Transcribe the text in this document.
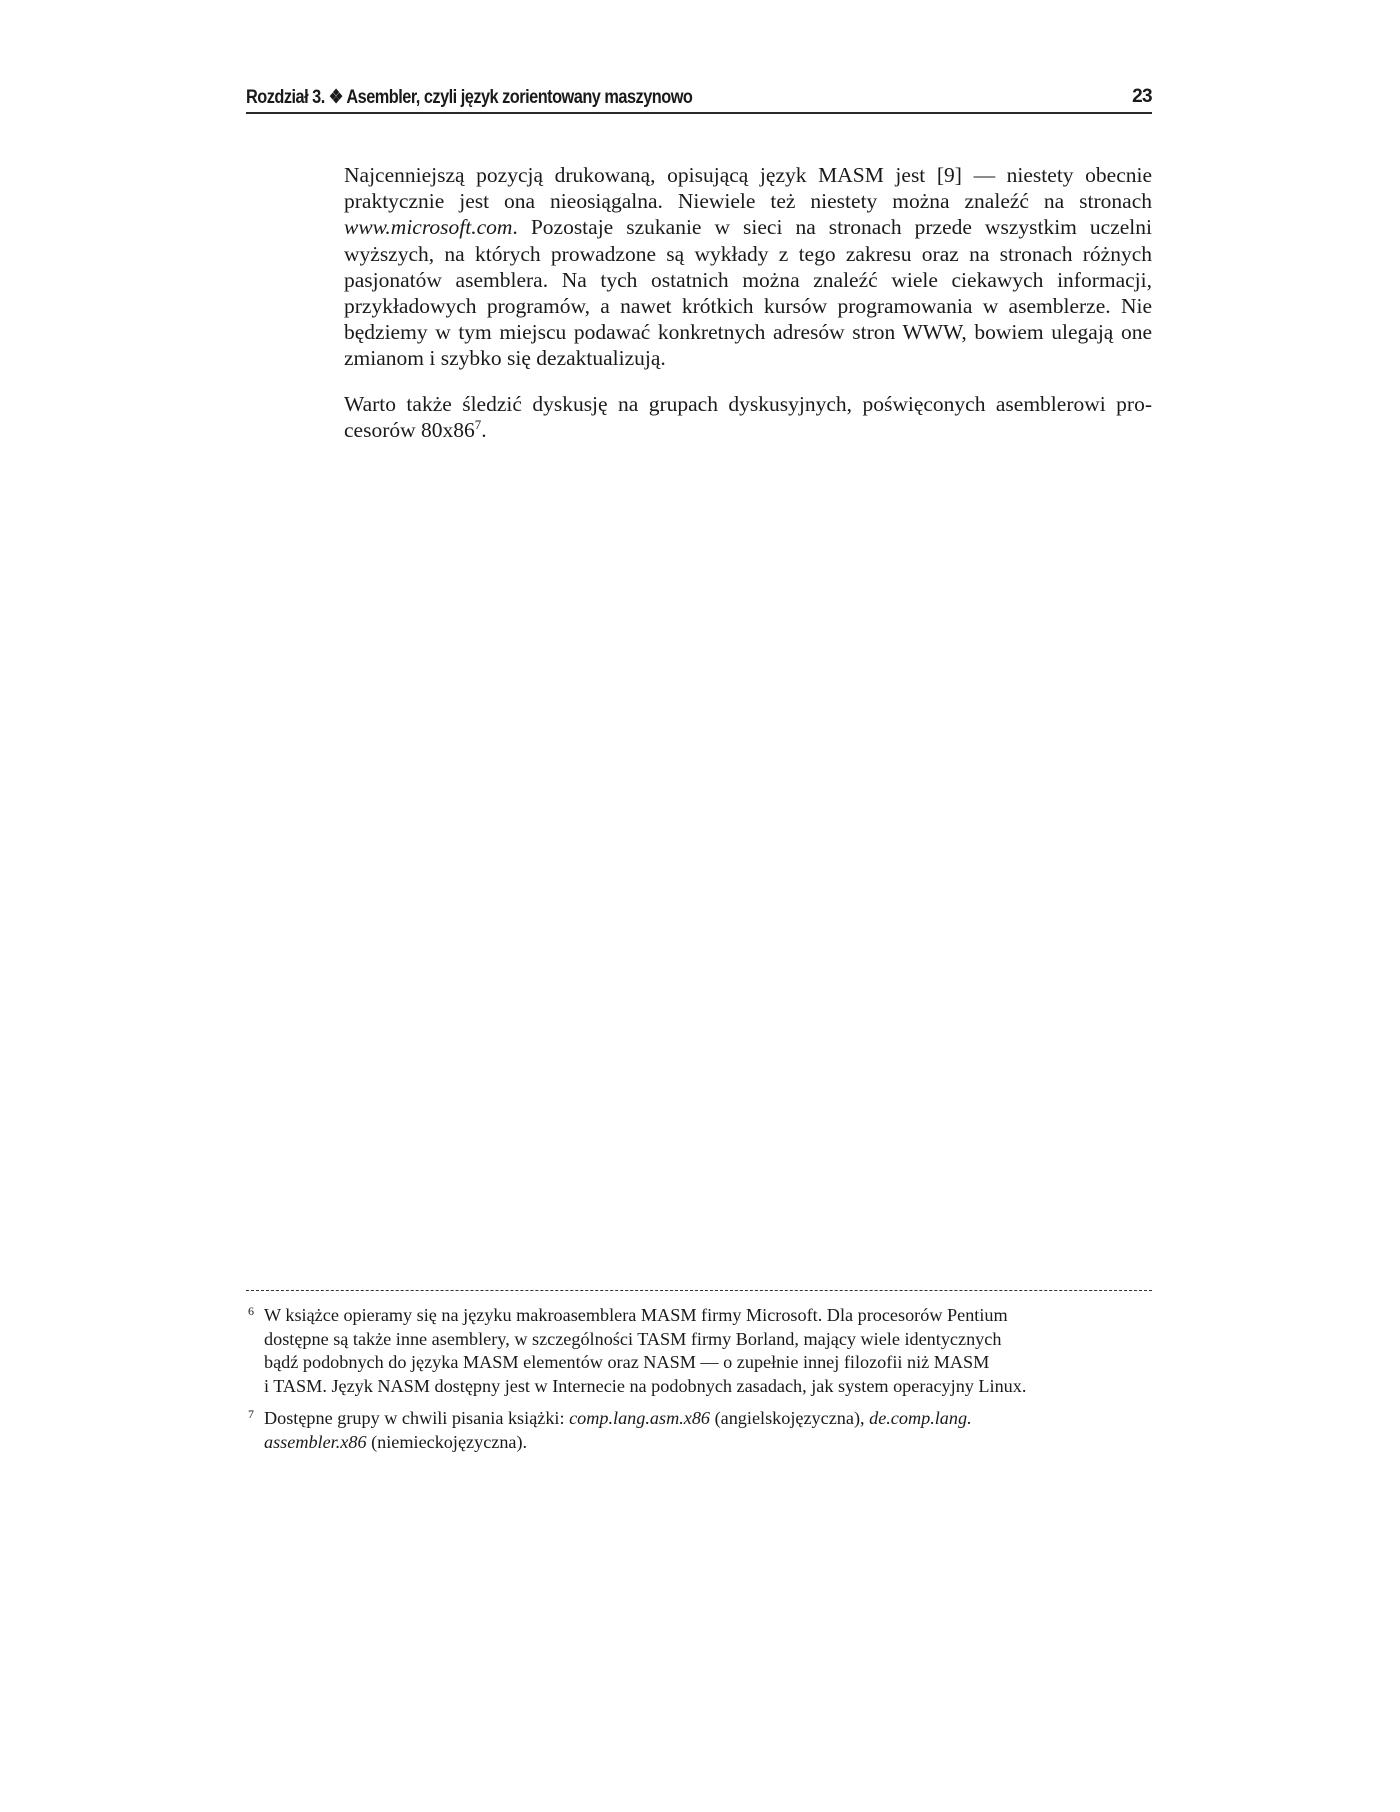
Rozdział 3. ❖ Asembler, czyli język zorientowany maszynowo	23

Najcenniejszą pozycją drukowaną, opisującą język MASM jest [9] — niestety obecnie praktycznie jest ona nieosiągalna. Niewiele też niestety można znaleźć na stronach www.microsoft.com. Pozostaje szukanie w sieci na stronach przede wszystkim uczelni wyższych, na których prowadzone są wykłady z tego zakresu oraz na stronach różnych pasjonatów asemblera. Na tych ostatnich można znaleźć wiele ciekawych informacji, przykładowych programów, a nawet krótkich kursów programowania w asemblerze. Nie będziemy w tym miejscu podawać konkretnych adresów stron WWW, bowiem ulegają one zmianom i szybko się dezaktualizują.

Warto także śledzić dyskusję na grupach dyskusyjnych, poświęconych asemblerowi procesorów $80x86^7$.

6 W książce opieramy się na języku makroasemblera MASM firmy Microsoft. Dla procesorów Pentium
dostępne są także inne asemblery, w szczególności TASM firmy Borland, mający wiele identycznych
bądź podobnych do języka MASM elementów oraz NASM — o zupełnie innej filozofii niż MASM
i TASM. Język NASM dostępny jest w Internecie na podobnych zasadach, jak system operacyjny Linux.
7 Dostępne grupy w chwili pisania książki: comp.lang.asm.x86 (angielskojęzyczna), de.comp.lang.
assembler.x86 (niemieckojęzyczna).
